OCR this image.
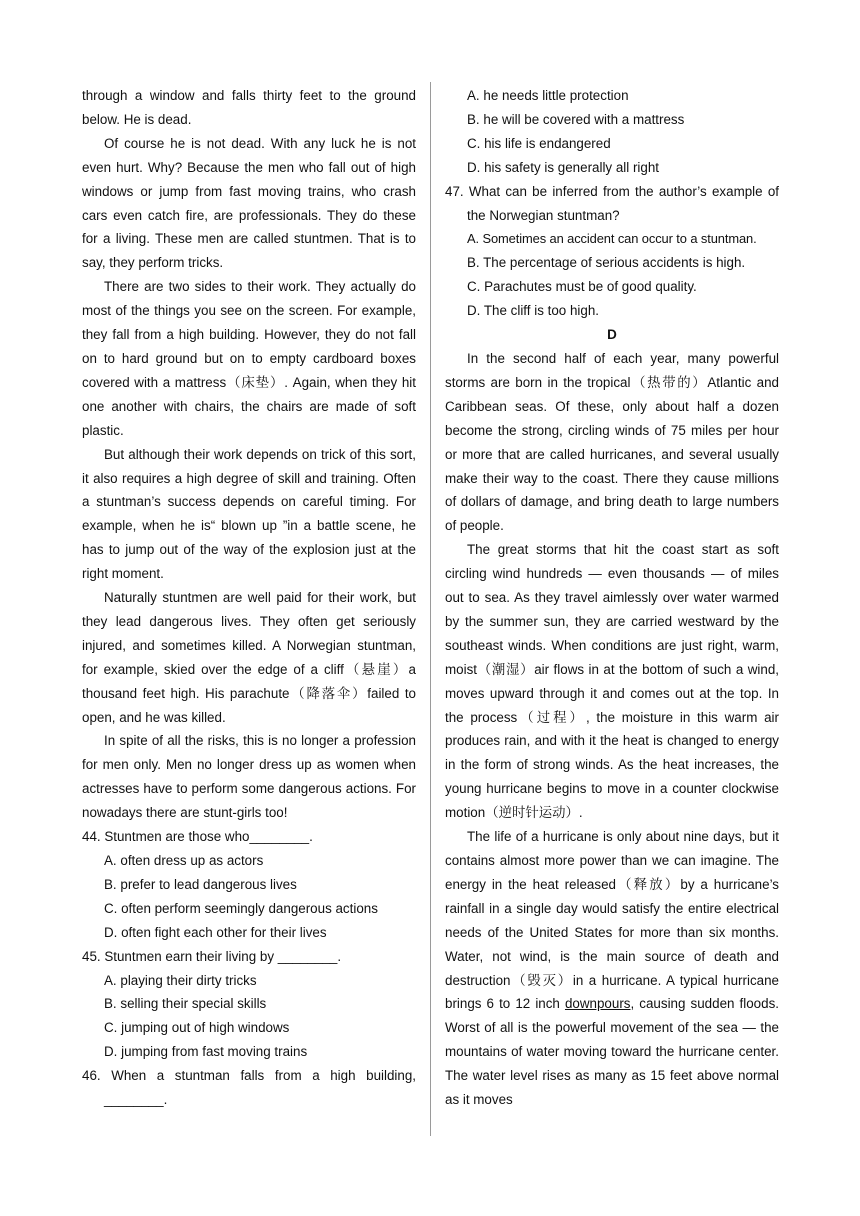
through a window and falls thirty feet to the ground below. He is dead.

Of course he is not dead. With any luck he is not even hurt. Why? Because the men who fall out of high windows or jump from fast moving trains, who crash cars even catch fire, are professionals. They do these for a living. These men are called stuntmen. That is to say, they perform tricks.

There are two sides to their work. They actually do most of the things you see on the screen. For example, they fall from a high building. However, they do not fall on to hard ground but on to empty cardboard boxes covered with a mattress（床垫）. Again, when they hit one another with chairs, the chairs are made of soft plastic.

But although their work depends on trick of this sort, it also requires a high degree of skill and training. Often a stuntman’s success depends on careful timing. For example, when he is“ blown up ”in a battle scene, he has to jump out of the way of the explosion just at the right moment.

Naturally stuntmen are well paid for their work, but they lead dangerous lives. They often get seriously injured, and sometimes killed. A Norwegian stuntman, for example, skied over the edge of a cliff（悬崖）a thousand feet high. His parachute（降落伞）failed to open, and he was killed.

In spite of all the risks, this is no longer a profession for men only. Men no longer dress up as women when actresses have to perform some dangerous actions. For nowadays there are stunt-girls too!

44. Stuntmen are those who________.

A. often dress up as actors

B. prefer to lead dangerous lives

C. often perform seemingly dangerous actions

D. often fight each other for their lives

45. Stuntmen earn their living by ________.

A. playing their dirty tricks

B. selling their special skills

C. jumping out of high windows

D. jumping from fast moving trains

46. When a stuntman falls from a high building, ________.

A. he needs little protection

B. he will be covered with a mattress

C. his life is endangered

D. his safety is generally all right

47. What can be inferred from the author’s example of the Norwegian stuntman?

A. Sometimes an accident can occur to a stuntman.

B. The percentage of serious accidents is high.

C. Parachutes must be of good quality.

D. The cliff is too high.

D

In the second half of each year, many powerful storms are born in the tropical（热带的）Atlantic and Caribbean seas. Of these, only about half a dozen become the strong, circling winds of 75 miles per hour or more that are called hurricanes, and several usually make their way to the coast. There they cause millions of dollars of damage, and bring death to large numbers of people.

The great storms that hit the coast start as soft circling wind hundreds — even thousands — of miles out to sea. As they travel aimlessly over water warmed by the summer sun, they are carried westward by the southeast winds. When conditions are just right, warm, moist（潮湿）air flows in at the bottom of such a wind, moves upward through it and comes out at the top. In the process（过程）, the moisture in this warm air produces rain, and with it the heat is changed to energy in the form of strong winds. As the heat increases, the young hurricane begins to move in a counter clockwise motion（逆时针运动）.

The life of a hurricane is only about nine days, but it contains almost more power than we can imagine. The energy in the heat released（释放）by a hurricane’s rainfall in a single day would satisfy the entire electrical needs of the United States for more than six months. Water, not wind, is the main source of death and destruction（毁灭）in a hurricane. A typical hurricane brings 6 to 12 inch downpours, causing sudden floods. Worst of all is the powerful movement of the sea — the mountains of water moving toward the hurricane center. The water level rises as many as 15 feet above normal as it moves
